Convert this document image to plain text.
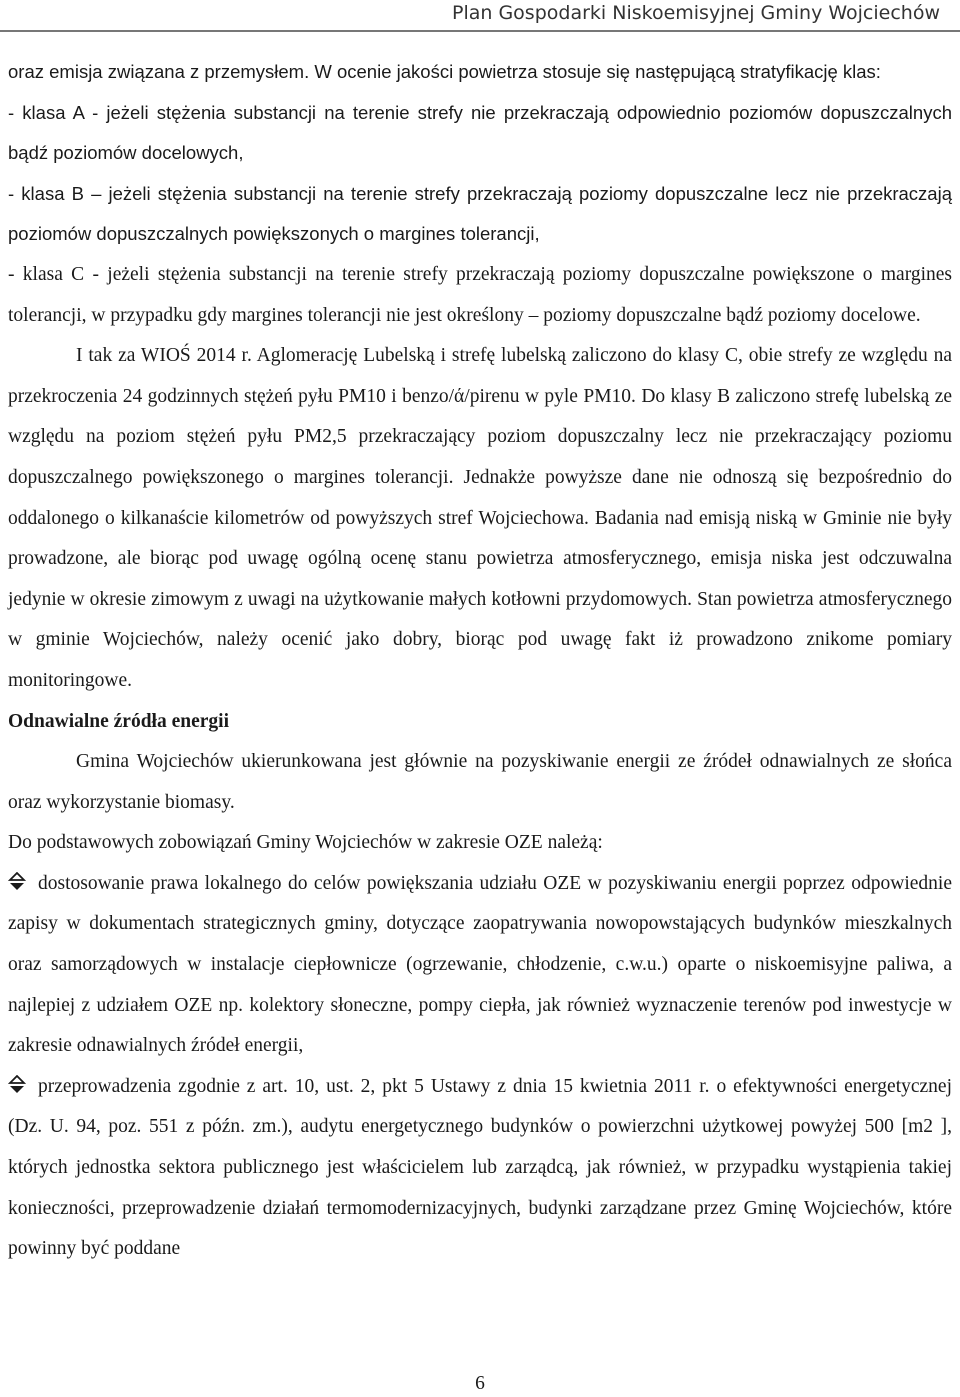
Plan Gospodarki Niskoemisyjnej Gminy Wojciechów

oraz emisja związana z przemysłem. W ocenie jakości powietrza stosuje się następującą stratyfikację klas:

- klasa A - jeżeli stężenia substancji na terenie strefy nie przekraczają odpowiednio poziomów dopuszczalnych bądź poziomów docelowych,

- klasa B – jeżeli stężenia substancji na terenie strefy przekraczają poziomy dopuszczalne lecz nie przekraczają poziomów dopuszczalnych powiększonych o margines tolerancji,

- klasa C - jeżeli stężenia substancji na terenie strefy przekraczają poziomy dopuszczalne powiększone o margines tolerancji, w przypadku gdy margines tolerancji nie jest określony – poziomy dopuszczalne bądź poziomy docelowe.

I tak za WIOŚ 2014 r. Aglomerację Lubelską i strefę lubelską zaliczono do klasy C, obie strefy ze względu na przekroczenia 24 godzinnych stężeń pyłu PM10 i benzo/ά/pirenu w pyle PM10. Do klasy B zaliczono strefę lubelską ze względu na poziom stężeń pyłu PM2,5 przekraczający poziom dopuszczalny lecz nie przekraczający poziomu dopuszczalnego powiększonego o margines tolerancji. Jednakże powyższe dane nie odnoszą się bezpośrednio do oddalonego o kilkanaście kilometrów od powyższych stref Wojciechowa. Badania nad emisją niską w Gminie nie były prowadzone, ale biorąc pod uwagę ogólną ocenę stanu powietrza atmosferycznego, emisja niska jest odczuwalna jedynie w okresie zimowym z uwagi na użytkowanie małych kotłowni przydomowych. Stan powietrza atmosferycznego w gminie Wojciechów, należy ocenić jako dobry, biorąc pod uwagę fakt iż prowadzono znikome pomiary monitoringowe.

Odnawialne źródła energii

Gmina Wojciechów ukierunkowana jest głównie na pozyskiwanie energii ze źródeł odnawialnych ze słońca oraz wykorzystanie biomasy.

Do podstawowych zobowiązań Gminy Wojciechów w zakresie OZE należą:

dostosowanie prawa lokalnego do celów powiększania udziału OZE w pozyskiwaniu energii poprzez odpowiednie zapisy w dokumentach strategicznych gminy, dotyczące zaopatrywania nowopowstających budynków mieszkalnych oraz samorządowych w instalacje ciepłownicze (ogrzewanie, chłodzenie, c.w.u.) oparte o niskoemisyjne paliwa, a najlepiej z udziałem OZE np. kolektory słoneczne, pompy ciepła, jak również wyznaczenie terenów pod inwestycje w zakresie odnawialnych źródeł energii,

przeprowadzenia zgodnie z art. 10, ust. 2, pkt 5 Ustawy z dnia 15 kwietnia 2011 r. o efektywności energetycznej (Dz. U. 94, poz. 551 z późn. zm.), audytu energetycznego budynków o powierzchni użytkowej powyżej 500 [m2 ], których jednostka sektora publicznego jest właścicielem lub zarządcą, jak również, w przypadku wystąpienia takiej konieczności, przeprowadzenie działań termomodernizacyjnych, budynki zarządzane przez Gminę Wojciechów, które powinny być poddane

6
